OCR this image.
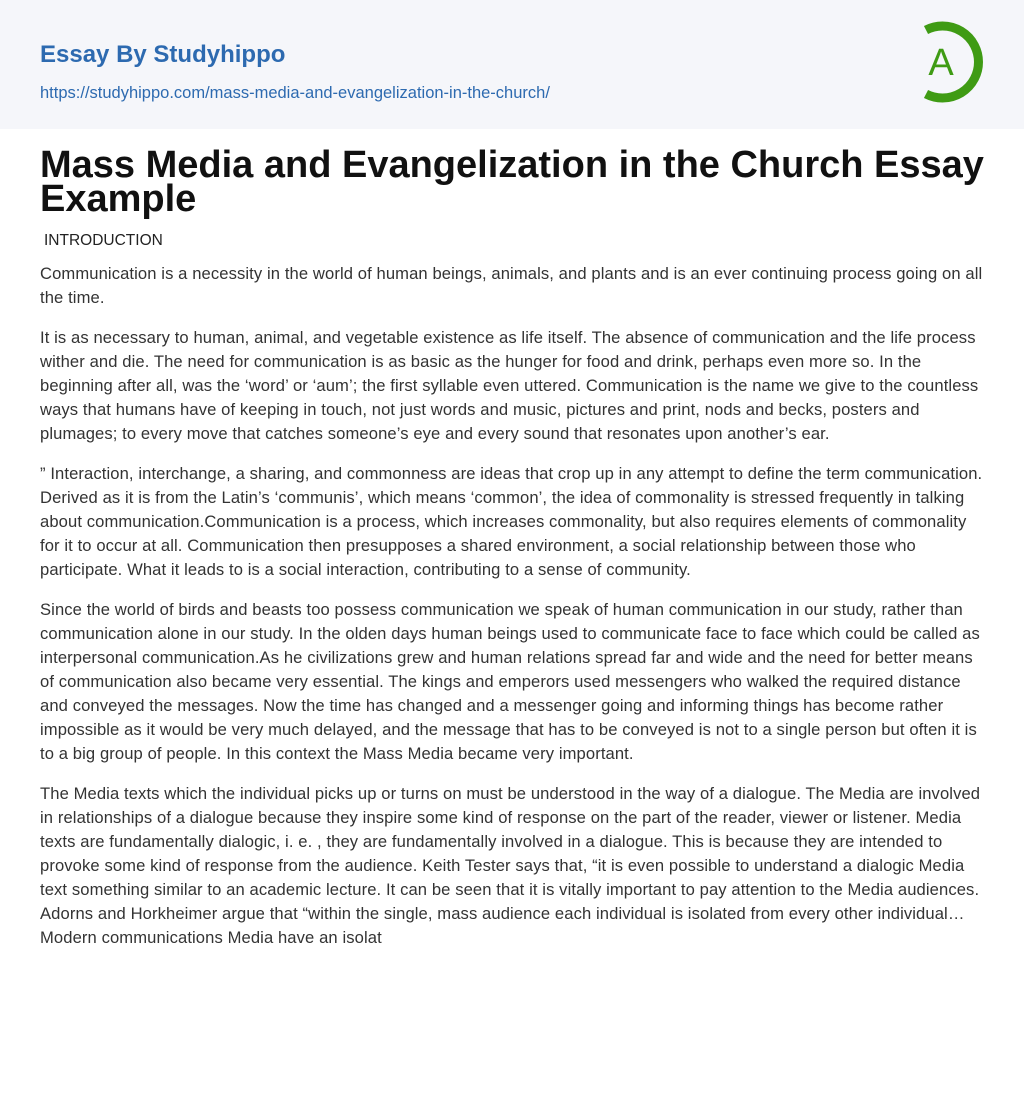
Essay By Studyhippo
https://studyhippo.com/mass-media-and-evangelization-in-the-church/
A
Mass Media and Evangelization in the Church Essay Example
INTRODUCTION

Communication is a necessity in the world of human beings, animals, and plants and is an ever continuing process going on all the time.

It is as necessary to human, animal, and vegetable existence as life itself. The absence of communication and the life process wither and die. The need for communication is as basic as the hunger for food and drink, perhaps even more so. In the beginning after all, was the ‘word’ or ‘aum’; the first syllable even uttered. Communication is the name we give to the countless ways that humans have of keeping in touch, not just words and music, pictures and print, nods and becks, posters and plumages; to every move that catches someone’s eye and every sound that resonates upon another’s ear.

” Interaction, interchange, a sharing, and commonness are ideas that crop up in any attempt to define the term communication. Derived as it is from the Latin’s ‘communis’, which means ‘common’, the idea of commonality is stressed frequently in talking about communication.Communication is a process, which increases commonality, but also requires elements of commonality for it to occur at all. Communication then presupposes a shared environment, a social relationship between those who participate. What it leads to is a social interaction, contributing to a sense of community.

Since the world of birds and beasts too possess communication we speak of human communication in our study, rather than communication alone in our study. In the olden days human beings used to communicate face to face which could be called as interpersonal communication.As he civilizations grew and human relations spread far and wide and the need for better means of communication also became very essential. The kings and emperors used messengers who walked the required distance and conveyed the messages. Now the time has changed and a messenger going and informing things has become rather impossible as it would be very much delayed, and the message that has to be conveyed is not to a single person but often it is to a big group of people. In this context the Mass Media became very important.

The Media texts which the individual picks up or turns on must be understood in the way of a dialogue. The Media are involved in relationships of a dialogue because they inspire some kind of response on the part of the reader, viewer or listener. Media texts are fundamentally dialogic, i. e. , they are fundamentally involved in a dialogue. This is because they are intended to provoke some kind of response from the audience. Keith Tester says that, “it is even possible to understand a dialogic Media text something similar to an academic lecture. It can be seen that it is vitally important to pay attention to the Media audiences. Adorns and Horkheimer argue that “within the single, mass audience each individual is isolated from every other individual…Modern communications Media have an isolat
